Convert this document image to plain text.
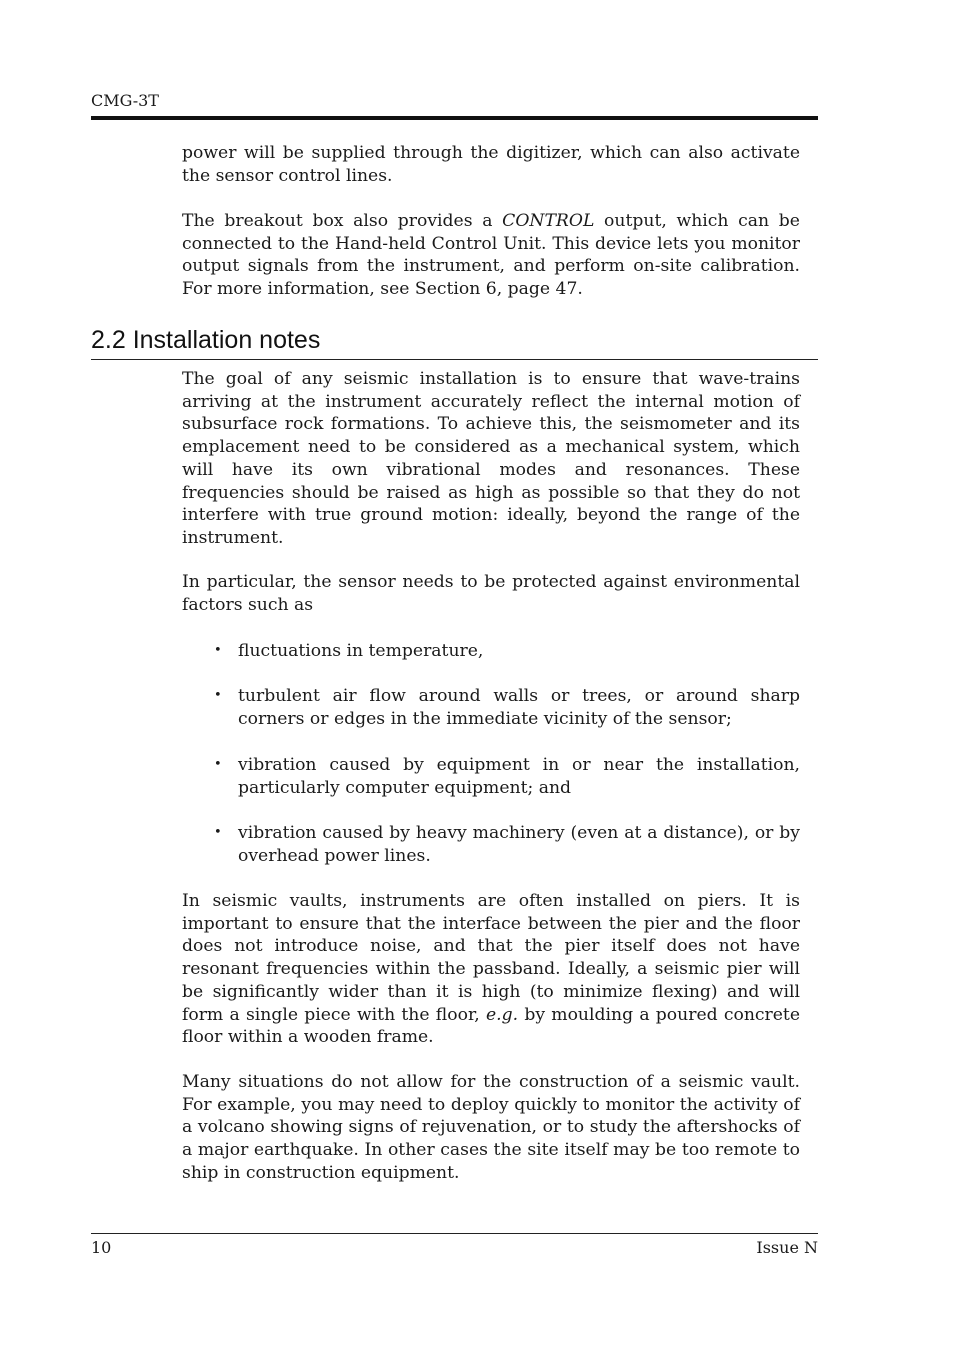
CMG-3T

power will be supplied through the digitizer, which can also activate the sensor control lines.

The breakout box also provides a CONTROL output, which can be connected to the Hand-held Control Unit. This device lets you monitor output signals from the instrument, and perform on-site calibration. For more information, see Section 6, page 47.

2.2 Installation notes

The goal of any seismic installation is to ensure that wave-trains arriving at the instrument accurately reflect the internal motion of subsurface rock formations. To achieve this, the seismometer and its emplacement need to be considered as a mechanical system, which will have its own vibrational modes and resonances. These frequencies should be raised as high as possible so that they do not interfere with true ground motion: ideally, beyond the range of the instrument.

In particular, the sensor needs to be protected against environmental factors such as

• fluctuations in temperature,
• turbulent air flow around walls or trees, or around sharp corners or edges in the immediate vicinity of the sensor;
• vibration caused by equipment in or near the installation, particularly computer equipment; and
• vibration caused by heavy machinery (even at a distance), or by overhead power lines.

In seismic vaults, instruments are often installed on piers. It is important to ensure that the interface between the pier and the floor does not introduce noise, and that the pier itself does not have resonant frequencies within the passband. Ideally, a seismic pier will be significantly wider than it is high (to minimize flexing) and will form a single piece with the floor, e.g. by moulding a poured concrete floor within a wooden frame.

Many situations do not allow for the construction of a seismic vault. For example, you may need to deploy quickly to monitor the activity of a volcano showing signs of rejuvenation, or to study the aftershocks of a major earthquake. In other cases the site itself may be too remote to ship in construction equipment.

10	Issue N
